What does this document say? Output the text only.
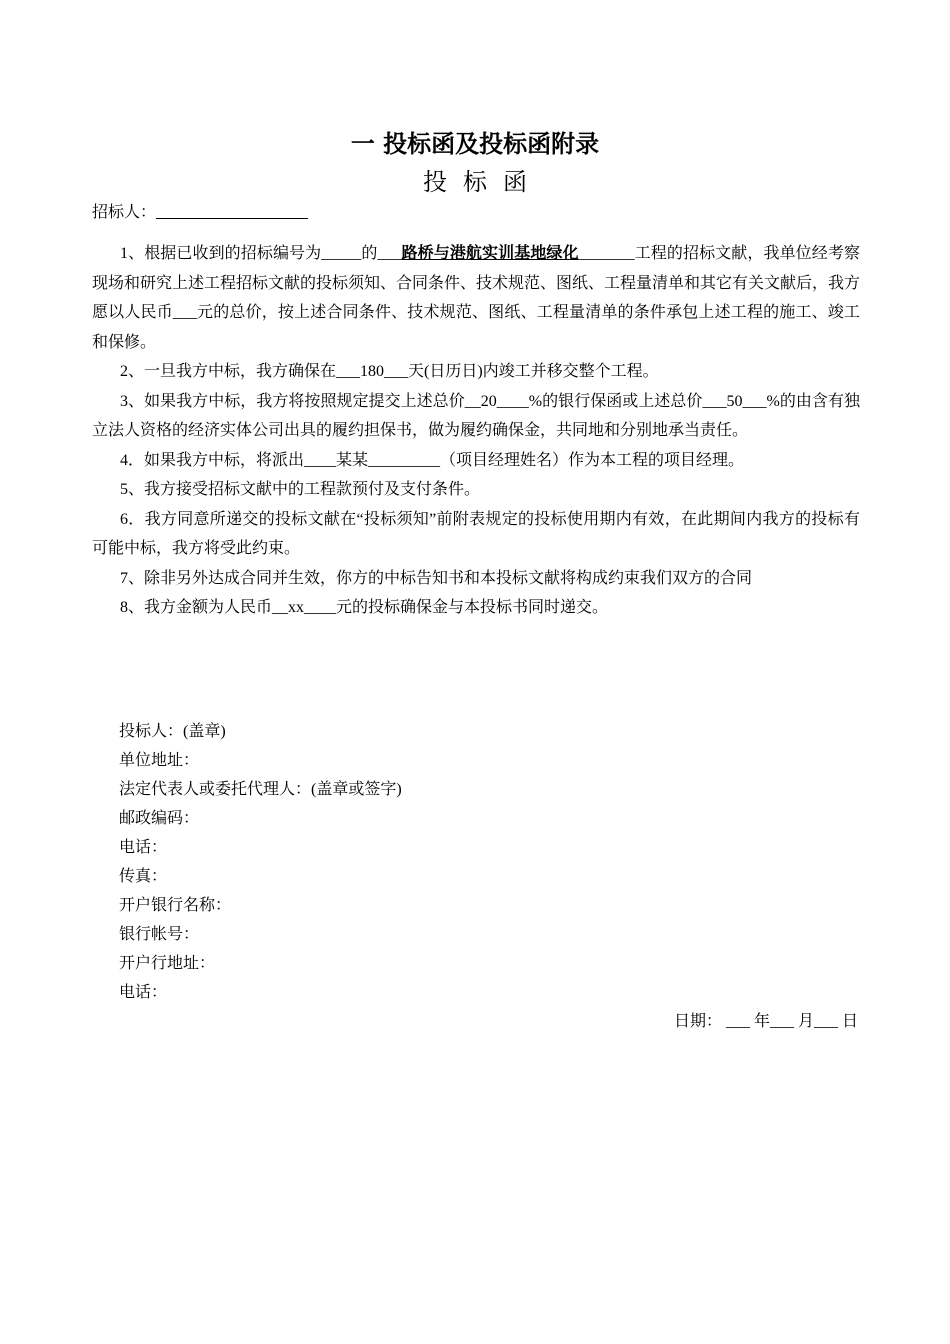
一 投标函及投标函附录
投标函
招标人：___________________

1、根据已收到的招标编号为_____的___路桥与港航实训基地绿化_______工程的招标文献，我单位经考察现场和研究上述工程招标文献的投标须知、合同条件、技术规范、图纸、工程量清单和其它有关文献后，我方愿以人民币___元的总价，按上述合同条件、技术规范、图纸、工程量清单的条件承包上述工程的施工、竣工和保修。

2、一旦我方中标，我方确保在___180___天(日历日)内竣工并移交整个工程。

3、如果我方中标，我方将按照规定提交上述总价__20____%的银行保函或上述总价___50___%的由含有独立法人资格的经济实体公司出具的履约担保书，做为履约确保金，共同地和分别地承当责任。

4．如果我方中标，将派出____某某_________（项目经理姓名）作为本工程的项目经理。

5、我方接受招标文献中的工程款预付及支付条件。

6．我方同意所递交的投标文献在“投标须知”前附表规定的投标使用期内有效，在此期间内我方的投标有可能中标，我方将受此约束。

7、除非另外达成合同并生效，你方的中标告知书和本投标文献将构成约束我们双方的合同

8、我方金额为人民币__xx____元的投标确保金与本投标书同时递交。

投标人：(盖章)
单位地址：
法定代表人或委托代理人：(盖章或签字)
邮政编码：
电话：
传真：
开户银行名称：
银行帐号：
开户行地址：
电话：
日期： ___ 年___ 月___ 日
